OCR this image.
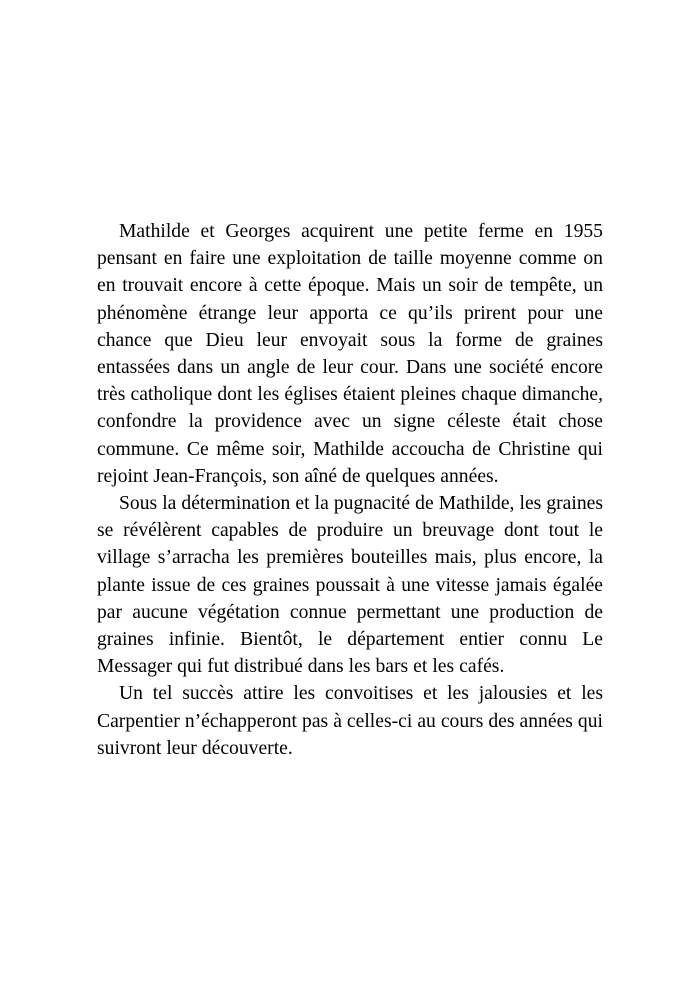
Mathilde et Georges acquirent une petite ferme en 1955 pensant en faire une exploitation de taille moyenne comme on en trouvait encore à cette époque. Mais un soir de tempête, un phénomène étrange leur apporta ce qu’ils prirent pour une chance que Dieu leur envoyait sous la forme de graines entassées dans un angle de leur cour. Dans une société encore très catholique dont les églises étaient pleines chaque dimanche, confondre la providence avec un signe céleste était chose commune. Ce même soir, Mathilde accoucha de Christine qui rejoint Jean-François, son aîné de quelques années.

Sous la détermination et la pugnacité de Mathilde, les graines se révélèrent capables de produire un breuvage dont tout le village s’arracha les premières bouteilles mais, plus encore, la plante issue de ces graines poussait à une vitesse jamais égalée par aucune végétation connue permettant une production de graines infinie. Bientôt, le département entier connu Le Messager qui fut distribué dans les bars et les cafés.

Un tel succès attire les convoitises et les jalousies et les Carpentier n’échapperont pas à celles-ci au cours des années qui suivront leur découverte.
